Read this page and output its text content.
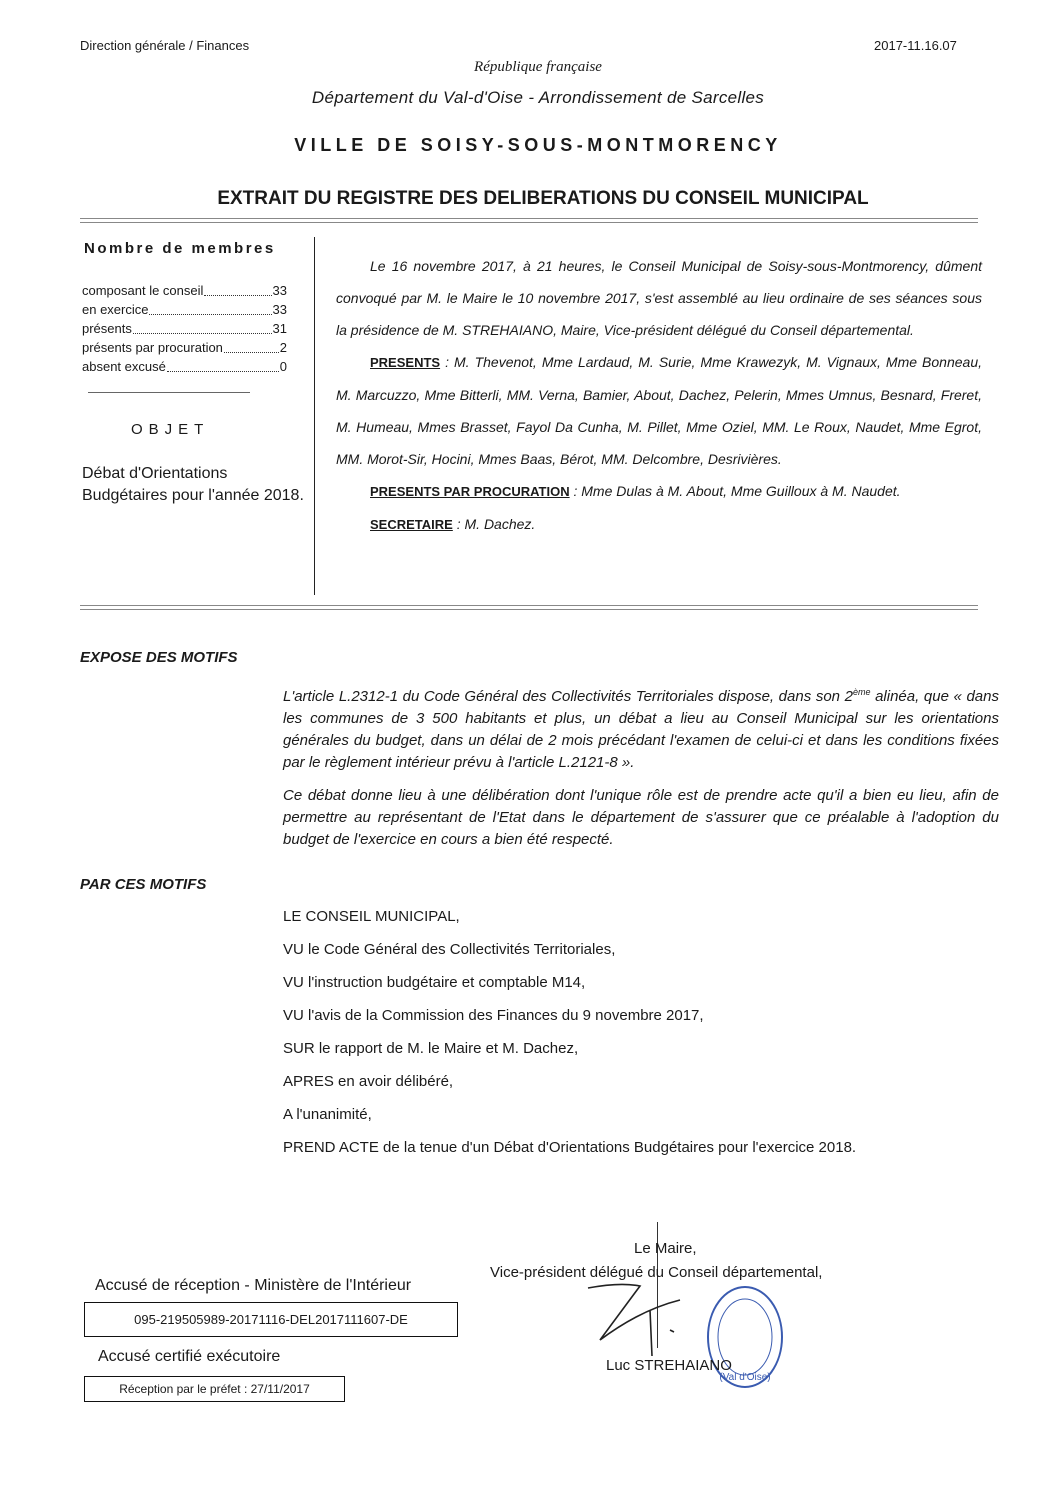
Direction générale / Finances	2017-11.16.07
République française
Département du Val-d'Oise - Arrondissement de Sarcelles
VILLE DE SOISY-SOUS-MONTMORENCY
EXTRAIT DU REGISTRE DES DELIBERATIONS DU CONSEIL MUNICIPAL
Nombre de membres
composant le conseil	33
en exercice	33
présents	31
présents par procuration	2
absent excusé	0
OBJET
Débat d'Orientations
Budgétaires pour l'année 2018.

Le 16 novembre 2017, à 21 heures, le Conseil Municipal de Soisy-sous-Montmorency, dûment convoqué par M. le Maire le 10 novembre 2017, s'est assemblé au lieu ordinaire de ses séances sous la présidence de M. STREHAIANO, Maire, Vice-président délégué du Conseil départemental.

PRESENTS : M. Thevenot, Mme Lardaud, M. Surie, Mme Krawezyk, M. Vignaux, Mme Bonneau, M. Marcuzzo, Mme Bitterli, MM. Verna, Bamier, About, Dachez, Pelerin, Mmes Umnus, Besnard, Freret, M. Humeau, Mmes Brasset, Fayol Da Cunha, M. Pillet, Mme Oziel, MM. Le Roux, Naudet, Mme Egrot, MM. Morot-Sir, Hocini, Mmes Baas, Bérot, MM. Delcombre, Desrivières.

PRESENTS PAR PROCURATION : Mme Dulas à M. About, Mme Guilloux à M. Naudet.

SECRETAIRE : M. Dachez.

EXPOSE DES MOTIFS

L'article L.2312-1 du Code Général des Collectivités Territoriales dispose, dans son 2ème alinéa, que « dans les communes de 3 500 habitants et plus, un débat a lieu au Conseil Municipal sur les orientations générales du budget, dans un délai de 2 mois précédant l'examen de celui-ci et dans les conditions fixées par le règlement intérieur prévu à l'article L.2121-8 ».

Ce débat donne lieu à une délibération dont l'unique rôle est de prendre acte qu'il a bien eu lieu, afin de permettre au représentant de l'Etat dans le département de s'assurer que ce préalable à l'adoption du budget de l'exercice en cours a bien été respecté.

PAR CES MOTIFS
LE CONSEIL MUNICIPAL,
VU le Code Général des Collectivités Territoriales,
VU l'instruction budgétaire et comptable M14,
VU l'avis de la Commission des Finances du 9 novembre 2017,
SUR le rapport de M. le Maire et M. Dachez,
APRES en avoir délibéré,
A l'unanimité,
PREND ACTE de la tenue d'un Débat d'Orientations Budgétaires pour l'exercice 2018.
Le Maire,
Vice-président délégué du Conseil départemental,
(Val d'Oise)
Luc STREHAIANO
Accusé de réception - Ministère de l'Intérieur
095-219505989-20171116-DEL2017111607-DE
Accusé certifié exécutoire
Réception par le préfet : 27/11/2017
